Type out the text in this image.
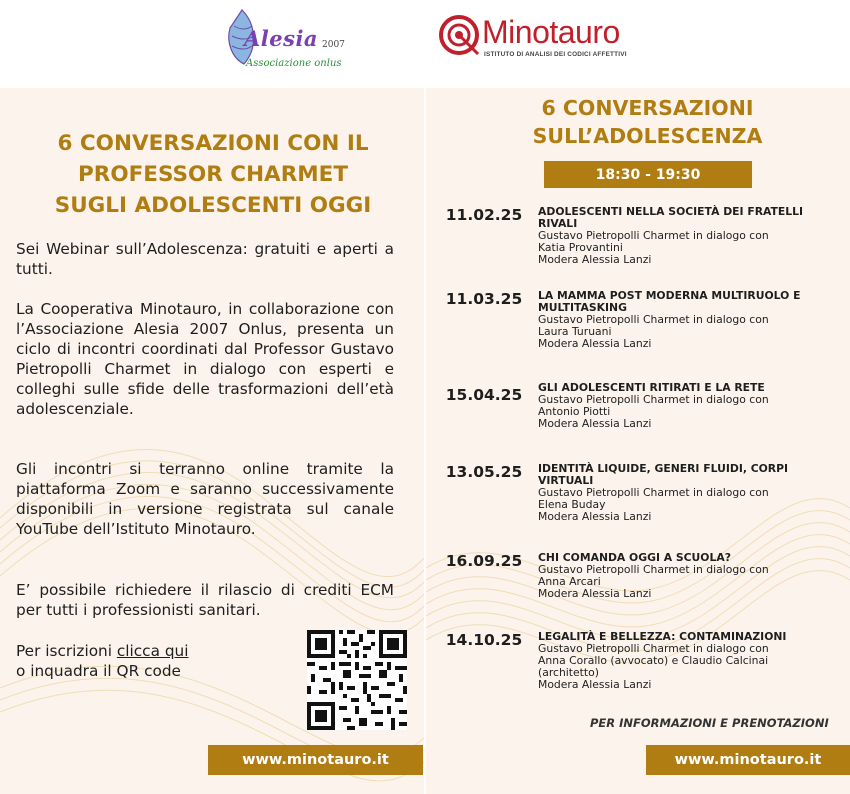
Alesia 2007
Associazione onlus
Minotauro
ISTITUTO DI ANALISI DEI CODICI AFFETTIVI
6 CONVERSAZIONI CON IL
PROFESSOR CHARMET
SUGLI ADOLESCENTI OGGI

Sei Webinar sull’Adolescenza: gratuiti e aperti a tutti.

La Cooperativa Minotauro, in collaborazione con l’Associazione Alesia 2007 Onlus, presenta un ciclo di incontri coordinati dal Professor Gustavo Pietropolli Charmet in dialogo con esperti e colleghi sulle sfide delle trasformazioni dell’età adolescenziale.

Gli incontri si terranno online tramite la piattaforma Zoom e saranno successivamente disponibili in versione registrata sul canale YouTube dell’Istituto Minotauro.

E’ possibile richiedere il rilascio di crediti ECM per tutti i professionisti sanitari.

Per iscrizioni clicca qui
o inquadra il QR code
www.minotauro.it
6 CONVERSAZIONI
SULL’ADOLESCENZA
18:30 - 19:30
11.02.25	ADOLESCENTI NELLA SOCIETÀ DEI FRATELLI RIVALI
Gustavo Pietropolli Charmet in dialogo con
Katia Provantini
Modera Alessia Lanzi
11.03.25	LA MAMMA POST MODERNA MULTIRUOLO E MULTITASKING
Gustavo Pietropolli Charmet in dialogo con
Laura Turuani
Modera Alessia Lanzi
15.04.25	GLI ADOLESCENTI RITIRATI E LA RETE
Gustavo Pietropolli Charmet in dialogo con
Antonio Piotti
Modera Alessia Lanzi
13.05.25	IDENTITÀ LIQUIDE, GENERI FLUIDI, CORPI VIRTUALI
Gustavo Pietropolli Charmet in dialogo con
Elena Buday
Modera Alessia Lanzi
16.09.25	CHI COMANDA OGGI A SCUOLA?
Gustavo Pietropolli Charmet in dialogo con
Anna Arcari
Modera Alessia Lanzi
14.10.25	LEGALITÀ E BELLEZZA: CONTAMINAZIONI
Gustavo Pietropolli Charmet in dialogo con
Anna Corallo (avvocato) e Claudio Calcinai
(architetto)
Modera Alessia Lanzi
PER INFORMAZIONI E PRENOTAZIONI
www.minotauro.it
